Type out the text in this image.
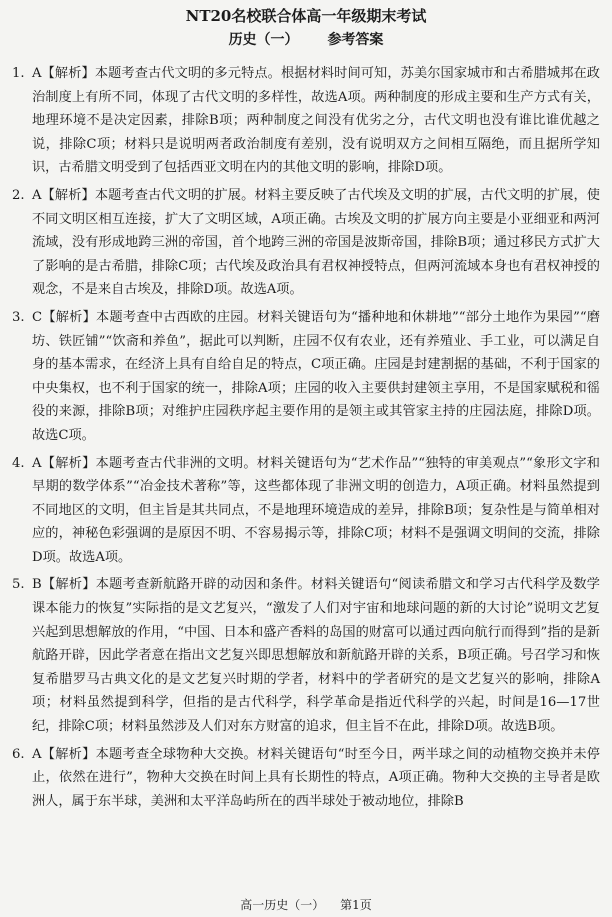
NT20名校联合体高一年级期末考试
历史（一） 参考答案
1. A【解析】本题考查古代文明的多元特点。根据材料时间可知，苏美尔国家城市和古希腊城邦在政治制度上有所不同，体现了古代文明的多样性，故选A项。两种制度的形成主要和生产方式有关，地理环境不是决定因素，排除B项；两种制度之间没有优劣之分，古代文明也没有谁比谁优越之说，排除C项；材料只是说明两者政治制度有差别，没有说明双方之间相互隔绝，而且据所学知识，古希腊文明受到了包括西亚文明在内的其他文明的影响，排除D项。
2. A【解析】本题考查古代文明的扩展。材料主要反映了古代埃及文明的扩展，古代文明的扩展，使不同文明区相互连接，扩大了文明区域，A项正确。古埃及文明的扩展方向主要是小亚细亚和两河流域，没有形成地跨三洲的帝国，首个地跨三洲的帝国是波斯帝国，排除B项；通过移民方式扩大了影响的是古希腊，排除C项；古代埃及政治具有君权神授特点，但两河流域本身也有君权神授的观念，不是来自古埃及，排除D项。故选A项。
3. C【解析】本题考查中古西欧的庄园。材料关键语句为“播种地和休耕地”“部分土地作为果园”“磨坊、铁匠铺”“饮斋和养鱼”，据此可以判断，庄园不仅有农业，还有养殖业、手工业，可以满足自身的基本需求，在经济上具有自给自足的特点，C项正确。庄园是封建割据的基础，不利于国家的中央集权，也不利于国家的统一，排除A项；庄园的收入主要供封建领主享用，不是国家赋税和徭役的来源，排除B项；对维护庄园秩序起主要作用的是领主或其管家主持的庄园法庭，排除D项。故选C项。
4. A【解析】本题考查古代非洲的文明。材料关键语句为“艺术作品”“独特的审美观点”“象形文字和早期的数学体系”“冶金技术著称”等，这些都体现了非洲文明的创造力，A项正确。材料虽然提到不同地区的文明，但主旨是其共同点，不是地理环境造成的差异，排除B项；复杂性是与简单相对应的，神秘色彩强调的是原因不明、不容易揭示等，排除C项；材料不是强调文明间的交流，排除D项。故选A项。
5. B【解析】本题考查新航路开辟的动因和条件。材料关键语句“阅读希腊文和学习古代科学及数学课本能力的恢复”实际指的是文艺复兴，“激发了人们对宇宙和地球问题的新的大讨论”说明文艺复兴起到思想解放的作用，“中国、日本和盛产香料的岛国的财富可以通过西向航行而得到”指的是新航路开辟，因此学者意在指出文艺复兴即思想解放和新航路开辟的关系，B项正确。号召学习和恢复希腊罗马古典文化的是文艺复兴时期的学者，材料中的学者研究的是文艺复兴的影响，排除A项；材料虽然提到科学，但指的是古代科学，科学革命是指近代科学的兴起，时间是16—17世纪，排除C项；材料虽然涉及人们对东方财富的追求，但主旨不在此，排除D项。故选B项。
6. A【解析】本题考查全球物种大交换。材料关键语句“时至今日，两半球之间的动植物交换并未停止，依然在进行”，物种大交换在时间上具有长期性的特点，A项正确。物种大交换的主导者是欧洲人，属于东半球，美洲和太平洋岛屿所在的西半球处于被动地位，排除B
高一历史（一） 第1页
